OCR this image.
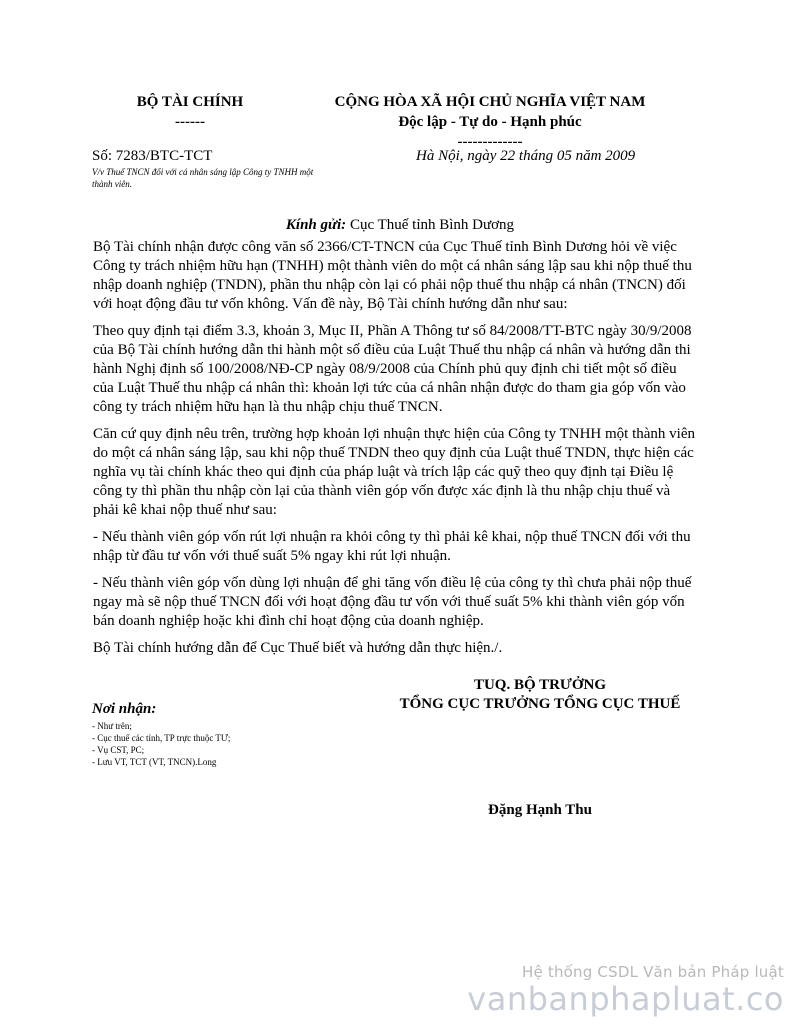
BỘ TÀI CHÍNH
------
CỘNG HÒA XÃ HỘI CHỦ NGHĨA VIỆT NAM
Độc lập - Tự do - Hạnh phúc
-------------
Số: 7283/BTC-TCT
V/v Thuế TNCN đối với cá nhân sáng lập Công ty TNHH một thành viên.
Hà Nội, ngày 22 tháng 05 năm 2009
Kính gửi: Cục Thuế tỉnh Bình Dương

Bộ Tài chính nhận được công văn số 2366/CT-TNCN của Cục Thuế tỉnh Bình Dương hỏi về việc Công ty trách nhiệm hữu hạn (TNHH) một thành viên do một cá nhân sáng lập sau khi nộp thuế thu nhập doanh nghiệp (TNDN), phần thu nhập còn lại có phải nộp thuế thu nhập cá nhân (TNCN) đối với hoạt động đầu tư vốn không. Vấn đề này, Bộ Tài chính hướng dẫn như sau:

Theo quy định tại điểm 3.3, khoản 3, Mục II, Phần A Thông tư số 84/2008/TT-BTC ngày 30/9/2008 của Bộ Tài chính hướng dẫn thi hành một số điều của Luật Thuế thu nhập cá nhân và hướng dẫn thi hành Nghị định số 100/2008/NĐ-CP ngày 08/9/2008 của Chính phủ quy định chi tiết một số điều của Luật Thuế thu nhập cá nhân thì: khoản lợi tức của cá nhân nhận được do tham gia góp vốn vào công ty trách nhiệm hữu hạn là thu nhập chịu thuế TNCN.

Căn cứ quy định nêu trên, trường hợp khoản lợi nhuận thực hiện của Công ty TNHH một thành viên do một cá nhân sáng lập, sau khi nộp thuế TNDN theo quy định của Luật thuế TNDN, thực hiện các nghĩa vụ tài chính khác theo qui định của pháp luật và trích lập các quỹ theo quy định tại Điều lệ công ty thì phần thu nhập còn lại của thành viên góp vốn được xác định là thu nhập chịu thuế và phải kê khai nộp thuế như sau:

- Nếu thành viên góp vốn rút lợi nhuận ra khỏi công ty thì phải kê khai, nộp thuế TNCN đối với thu nhập từ đầu tư vốn với thuế suất 5% ngay khi rút lợi nhuận.

- Nếu thành viên góp vốn dùng lợi nhuận để ghi tăng vốn điều lệ của công ty thì chưa phải nộp thuế ngay mà sẽ nộp thuế TNCN đối với hoạt động đầu tư vốn với thuế suất 5% khi thành viên góp vốn bán doanh nghiệp hoặc khi đình chỉ hoạt động của doanh nghiệp.

Bộ Tài chính hướng dẫn để Cục Thuế biết và hướng dẫn thực hiện./.

TUQ. BỘ TRƯỞNG
TỔNG CỤC TRƯỞNG TỔNG CỤC THUẾ
Đặng Hạnh Thu
Nơi nhận:
- Như trên;
- Cục thuế các tỉnh, TP trực thuộc TƯ;
- Vụ CST, PC;
- Lưu VT, TCT (VT, TNCN).Long
Hệ thống CSDL Văn bản Pháp luật
vanbanphapluat.co
